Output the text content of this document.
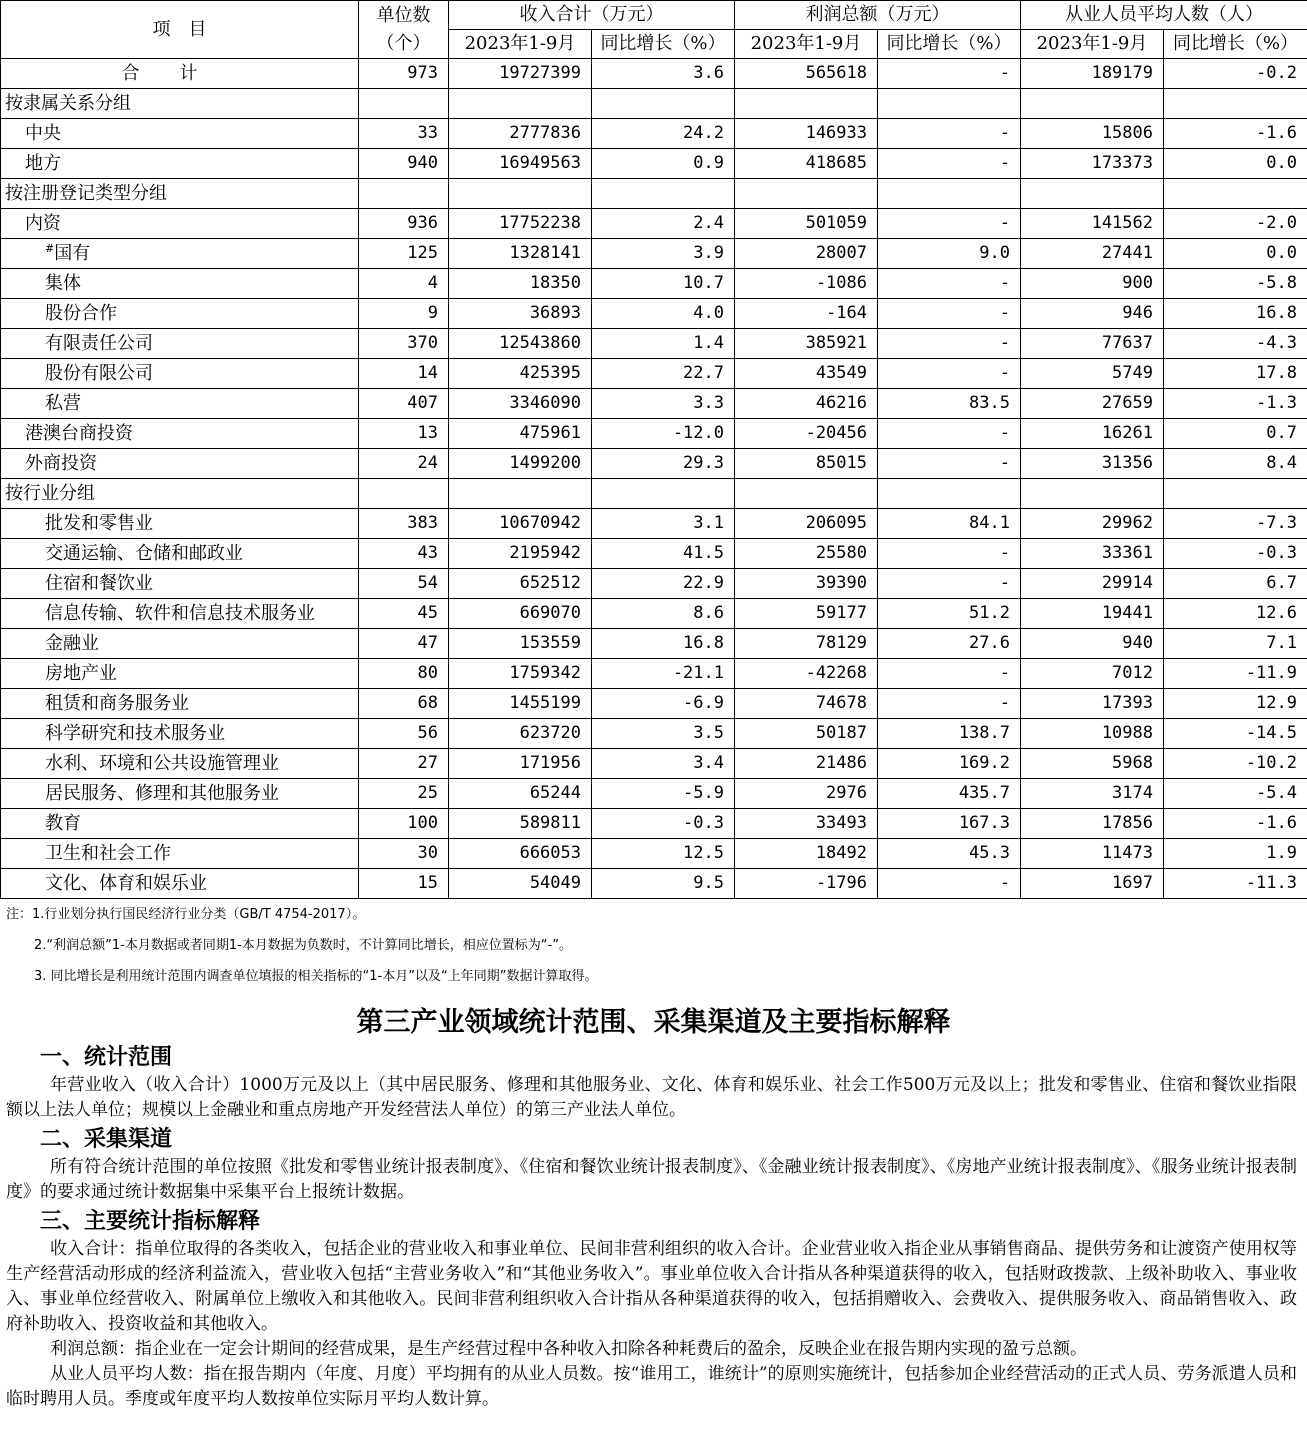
项　目	单位数
（个）	收入合计（万元）		利润总额（万元）		从业人员平均人数（人）	
		2023年1-9月	同比增长（%）	2023年1-9月	同比增长（%）	2023年1-9月	同比增长（%）
合计	973	19727399	3.6	565618	-	189179	-0.2
按隶属关系分组							
中央	33	2777836	24.2	146933	-	15806	-1.6
地方	940	16949563	0.9	418685	-	173373	0.0
按注册登记类型分组							
内资	936	17752238	2.4	501059	-	141562	-2.0
#国有	125	1328141	3.9	28007	9.0	27441	0.0
集体	4	18350	10.7	-1086	-	900	-5.8
股份合作	9	36893	4.0	-164	-	946	16.8
有限责任公司	370	12543860	1.4	385921	-	77637	-4.3
股份有限公司	14	425395	22.7	43549	-	5749	17.8
私营	407	3346090	3.3	46216	83.5	27659	-1.3
港澳台商投资	13	475961	-12.0	-20456	-	16261	0.7
外商投资	24	1499200	29.3	85015	-	31356	8.4
按行业分组							
批发和零售业	383	10670942	3.1	206095	84.1	29962	-7.3
交通运输、仓储和邮政业	43	2195942	41.5	25580	-	33361	-0.3
住宿和餐饮业	54	652512	22.9	39390	-	29914	6.7
信息传输、软件和信息技术服务业	45	669070	8.6	59177	51.2	19441	12.6
金融业	47	153559	16.8	78129	27.6	940	7.1
房地产业	80	1759342	-21.1	-42268	-	7012	-11.9
租赁和商务服务业	68	1455199	-6.9	74678	-	17393	12.9
科学研究和技术服务业	56	623720	3.5	50187	138.7	10988	-14.5
水利、环境和公共设施管理业	27	171956	3.4	21486	169.2	5968	-10.2
居民服务、修理和其他服务业	25	65244	-5.9	2976	435.7	3174	-5.4
教育	100	589811	-0.3	33493	167.3	17856	-1.6
卫生和社会工作	30	666053	12.5	18492	45.3	11473	1.9
文化、体育和娱乐业	15	54049	9.5	-1796	-	1697	-11.3
注：1.行业划分执行国民经济行业分类（GB/T 4754-2017）。
2.“利润总额”1-本月数据或者同期1-本月数据为负数时，不计算同比增长，相应位置标为“-”。
3. 同比增长是利用统计范围内调查单位填报的相关指标的“1-本月”以及“上年同期”数据计算取得。
第三产业领域统计范围、采集渠道及主要指标解释
一、统计范围

年营业收入（收入合计）1000万元及以上（其中居民服务、修理和其他服务业、文化、体育和娱乐业、社会工作500万元及以上；批发和零售业、住宿和餐饮业指限额以上法人单位；规模以上金融业和重点房地产开发经营法人单位）的第三产业法人单位。

二、采集渠道

所有符合统计范围的单位按照《批发和零售业统计报表制度》、《住宿和餐饮业统计报表制度》、《金融业统计报表制度》、《房地产业统计报表制度》、《服务业统计报表制度》的要求通过统计数据集中采集平台上报统计数据。

三、主要统计指标解释

收入合计：指单位取得的各类收入，包括企业的营业收入和事业单位、民间非营利组织的收入合计。企业营业收入指企业从事销售商品、提供劳务和让渡资产使用权等生产经营活动形成的经济利益流入，营业收入包括“主营业务收入”和“其他业务收入”。事业单位收入合计指从各种渠道获得的收入，包括财政拨款、上级补助收入、事业收入、事业单位经营收入、附属单位上缴收入和其他收入。民间非营利组织收入合计指从各种渠道获得的收入，包括捐赠收入、会费收入、提供服务收入、商品销售收入、政府补助收入、投资收益和其他收入。

利润总额：指企业在一定会计期间的经营成果，是生产经营过程中各种收入扣除各种耗费后的盈余，反映企业在报告期内实现的盈亏总额。

从业人员平均人数：指在报告期内（年度、月度）平均拥有的从业人员数。按“谁用工，谁统计”的原则实施统计，包括参加企业经营活动的正式人员、劳务派遣人员和临时聘用人员。季度或年度平均人数按单位实际月平均人数计算。
